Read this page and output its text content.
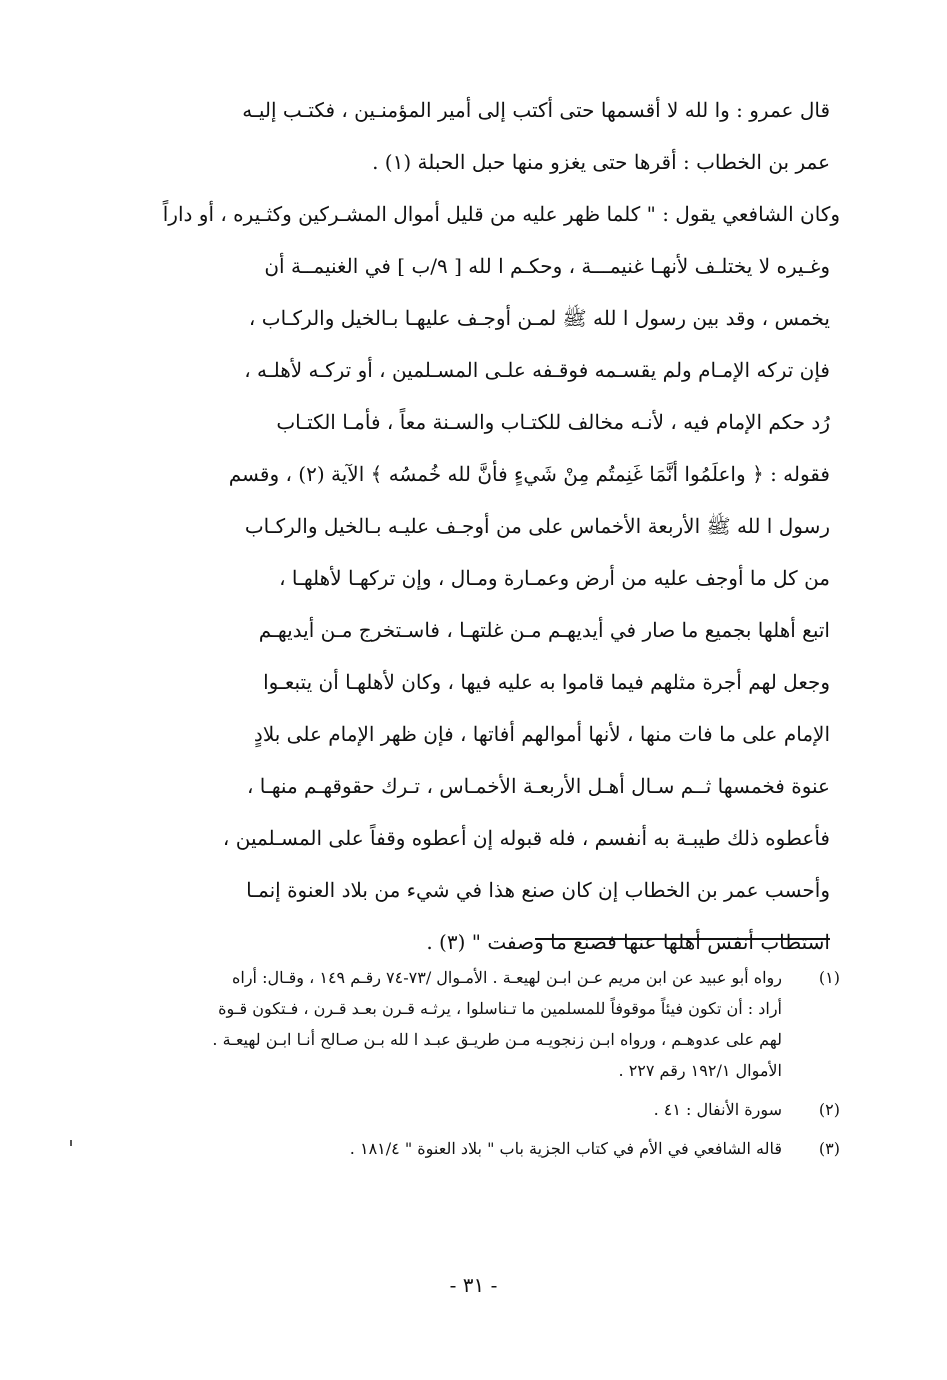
قال عمرو : وا لله لا أقسمها حتى أكتب إلى أمير المؤمنـين ، فكتـب إليـه
عمر بن الخطاب : أقرها حتى يغزو منها حبل الحبلة (١) .
وكان الشافعي يقول : " كلما ظهر عليه من قليل أموال المشـركين وكثـيره ، أو داراً
وغـيره لا يختلـف لأنهـا غنيمـــة ، وحكـم ا لله [ ٩/ب ] في الغنيمــة أن
يخمس ، وقد بين رسول ا لله ﷺ لمـن أوجـف عليهـا بـالخيل والركـاب ،
فإن تركه الإمـام ولم يقسـمه فوقـفه علـى المسـلمين ، أو تركـه لأهلـه ،
رُد حكم الإمام فيه ، لأنـه مخالف للكتـاب والسـنة معاً ، فأمـا الكتـاب
فقوله : ﴿ واعلَمُوا أنَّمَا غَنِمتُم مِنْ شَيءٍ فأنَّ لله خُمسُه ﴾ الآية (٢) ، وقسم
رسول ا لله ﷺ الأربعة الأخماس على من أوجـف عليـه بـالخيل والركـاب
من كل ما أوجف عليه من أرض وعمـارة ومـال ، وإن تركهـا لأهلهـا ،
اتبع أهلها بجميع ما صار في أيديهـم مـن غلتهـا ، فاسـتخرج مـن أيديهـم
وجعل لهم أجرة مثلهم فيما قاموا به عليه فيها ، وكان لأهلهـا أن يتبعـوا
الإمام على ما فات منها ، لأنها أموالهم أفاتها ، فإن ظهر الإمام على بلادٍ
عنوة فخمسها ثــم سـال أهـل الأربعـة الأخمـاس ، تـرك حقوقهـم منهـا ،
فأعطوه ذلك طيبـة به أنفسم ، فله قبوله إن أعطوه وقفاً على المسـلمين ،
وأحسب عمر بن الخطاب إن كان صنع هذا في شيء من بلاد العنوة إنمـا
استطاب أنفس أهلها عنها فصنع ما وصفت " (٣) .
(١)
رواه أبو عبيد عن ابن مريم عـن ابـن لهيعـة . الأمـوال /٧٣-٧٤ رقـم ١٤٩ ، وقـال: أراه
أراد : أن تكون فيئاً موقوفاً للمسلمين ما تـناسلوا ، يرثـه قـرن بعـد قـرن ، فـتكون قـوة
لهم على عدوهـم ، ورواه ابـن زنجويـه مـن طريـق عبـد ا لله بـن صـالح أنـا ابـن لهيعـة .
الأموال ١٩٢/١ رقم ٢٢٧ .
(٢)
سورة الأنفال : ٤١ .
(٣)
قاله الشافعي في الأم في كتاب الجزية باب " بلاد العنوة " ١٨١/٤ .
- ٣١ -
